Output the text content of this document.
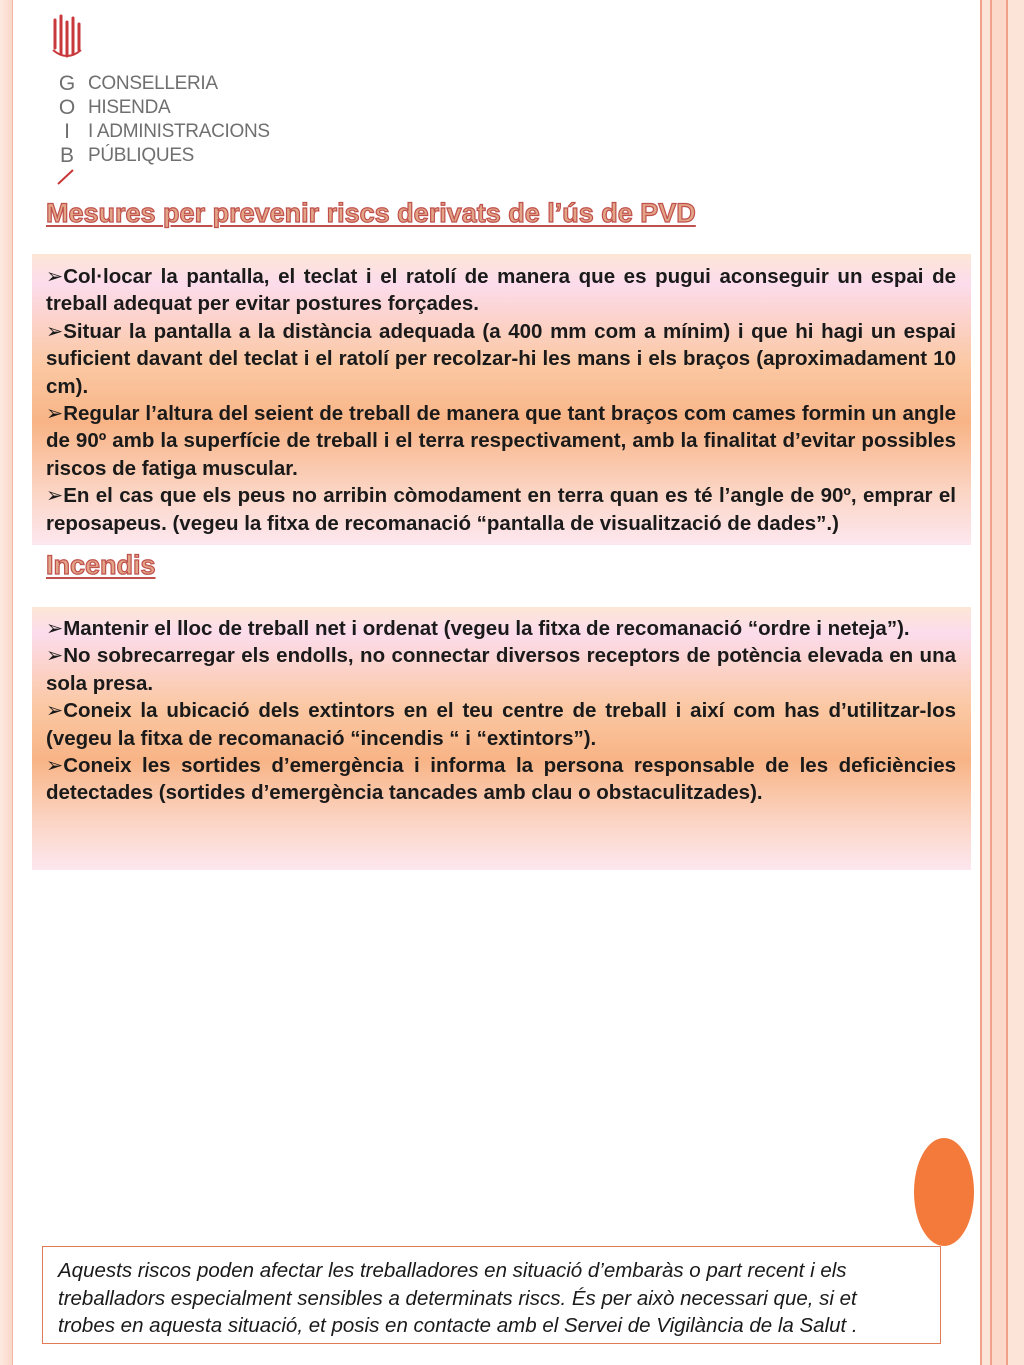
G
O
I
B
CONSELLERIA
HISENDA
I ADMINISTRACIONS
PÚBLIQUES
Mesures per prevenir riscs derivats de l’ús de PVD
➢Col·locar la pantalla, el teclat i el ratolí de manera que es pugui aconseguir un espai de treball adequat per evitar postures forçades.
➢Situar la pantalla a la distància adequada (a 400 mm com a mínim) i que hi hagi un espai suficient davant del teclat i el ratolí per recolzar-hi les mans i els braços (aproximadament 10 cm).
➢Regular l’altura del seient de treball de manera que tant braços com cames formin un angle de 90º amb la superfície de treball i el terra respectivament, amb la finalitat d’evitar possibles riscos de fatiga muscular.
➢En el cas que els peus no arribin còmodament en terra quan es té l’angle de 90º, emprar el reposapeus. (vegeu la fitxa de recomanació “pantalla de visualització de dades”.)
Incendis
➢Mantenir el lloc de treball net i ordenat (vegeu la fitxa de recomanació “ordre i neteja”).
➢No sobrecarregar els endolls, no connectar diversos receptors de potència elevada en una sola presa.
➢Coneix la ubicació dels extintors en el teu centre de treball i així com has d’utilitzar-los (vegeu la fitxa de recomanació “incendis “ i “extintors”).
➢Coneix les sortides d’emergència i informa la persona responsable de les deficiències detectades (sortides d’emergència tancades amb clau o obstaculitzades).
Aquests riscos poden afectar les treballadores en situació d’embaràs o part recent i els treballadors especialment sensibles a determinats riscs. És per això necessari que, si et trobes en aquesta situació, et posis en contacte amb el Servei de Vigilància de la Salut .
